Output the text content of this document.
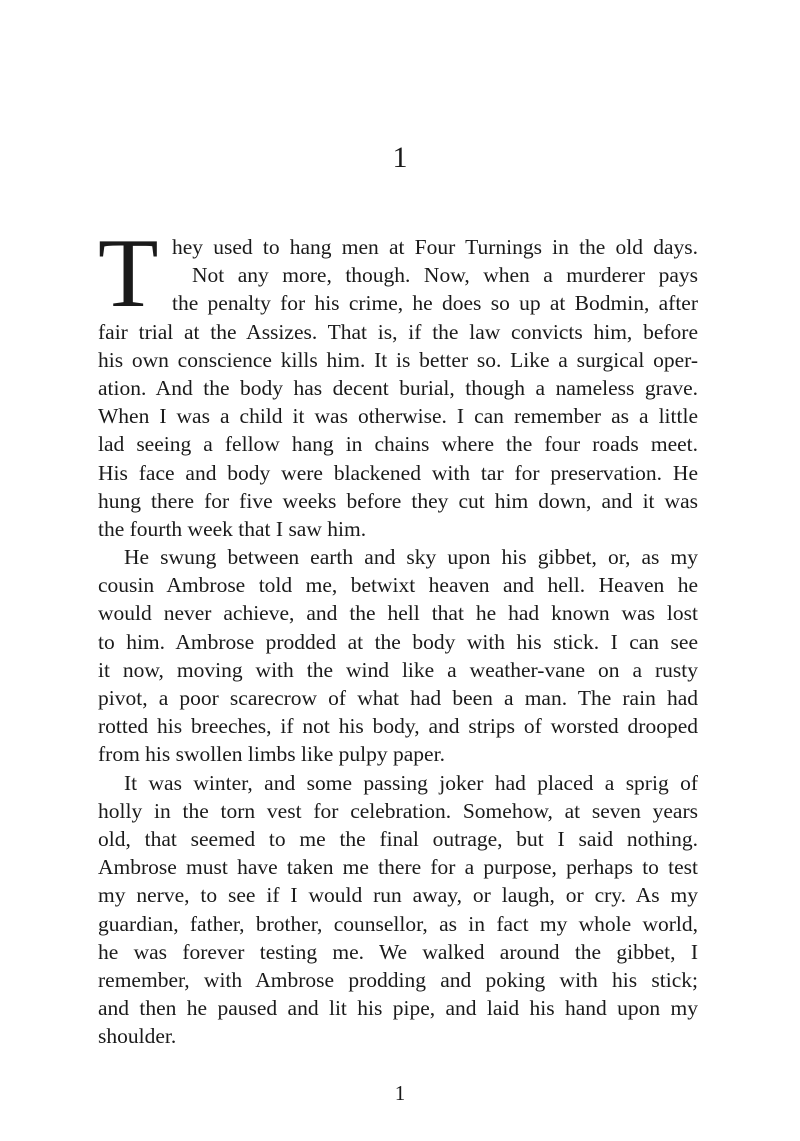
1
T hey used to hang men at Four Turnings in the old days.
Not any more, though. Now, when a murderer pays
the penalty for his crime, he does so up at Bodmin, after
fair trial at the Assizes. That is, if the law convicts him, before
his own conscience kills him. It is better so. Like a surgical oper-
ation. And the body has decent burial, though a nameless grave.
When I was a child it was otherwise. I can remember as a little
lad seeing a fellow hang in chains where the four roads meet.
His face and body were blackened with tar for preservation. He
hung there for five weeks before they cut him down, and it was
the fourth week that I saw him.
He swung between earth and sky upon his gibbet, or, as my
cousin Ambrose told me, betwixt heaven and hell. Heaven he
would never achieve, and the hell that he had known was lost
to him. Ambrose prodded at the body with his stick. I can see
it now, moving with the wind like a weather-vane on a rusty
pivot, a poor scarecrow of what had been a man. The rain had
rotted his breeches, if not his body, and strips of worsted drooped
from his swollen limbs like pulpy paper.
It was winter, and some passing joker had placed a sprig of
holly in the torn vest for celebration. Somehow, at seven years
old, that seemed to me the final outrage, but I said nothing.
Ambrose must have taken me there for a purpose, perhaps to test
my nerve, to see if I would run away, or laugh, or cry. As my
guardian, father, brother, counsellor, as in fact my whole world,
he was forever testing me. We walked around the gibbet, I
remember, with Ambrose prodding and poking with his stick;
and then he paused and lit his pipe, and laid his hand upon my
shoulder.
1
